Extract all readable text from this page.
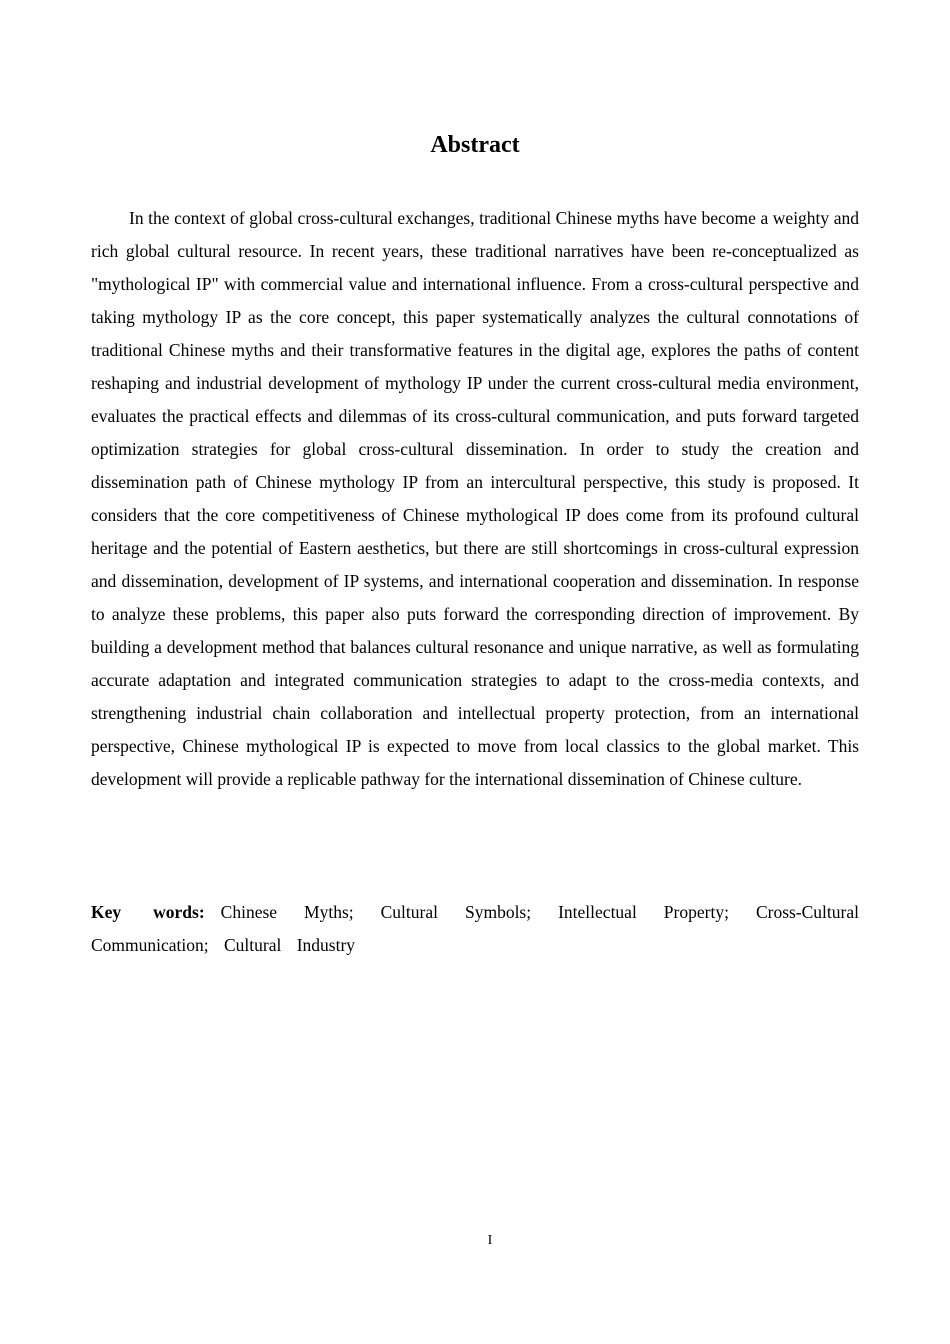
Abstract

In the context of global cross-cultural exchanges, traditional Chinese myths have become a weighty and rich global cultural resource. In recent years, these traditional narratives have been re-conceptualized as "mythological IP" with commercial value and international influence. From a cross-cultural perspective and taking mythology IP as the core concept, this paper systematically analyzes the cultural connotations of traditional Chinese myths and their transformative features in the digital age, explores the paths of content reshaping and industrial development of mythology IP under the current cross-cultural media environment, evaluates the practical effects and dilemmas of its cross-cultural communication, and puts forward targeted optimization strategies for global cross-cultural dissemination. In order to study the creation and dissemination path of Chinese mythology IP from an intercultural perspective, this study is proposed. It considers that the core competitiveness of Chinese mythological IP does come from its profound cultural heritage and the potential of Eastern aesthetics, but there are still shortcomings in cross-cultural expression and dissemination, development of IP systems, and international cooperation and dissemination. In response to analyze these problems, this paper also puts forward the corresponding direction of improvement. By building a development method that balances cultural resonance and unique narrative, as well as formulating accurate adaptation and integrated communication strategies to adapt to the cross-media contexts, and strengthening industrial chain collaboration and intellectual property protection, from an international perspective, Chinese mythological IP is expected to move from local classics to the global market. This development will provide a replicable pathway for the international dissemination of Chinese culture.

Key words: Chinese Myths; Cultural Symbols; Intellectual Property; Cross-Cultural Communication; Cultural Industry

I
